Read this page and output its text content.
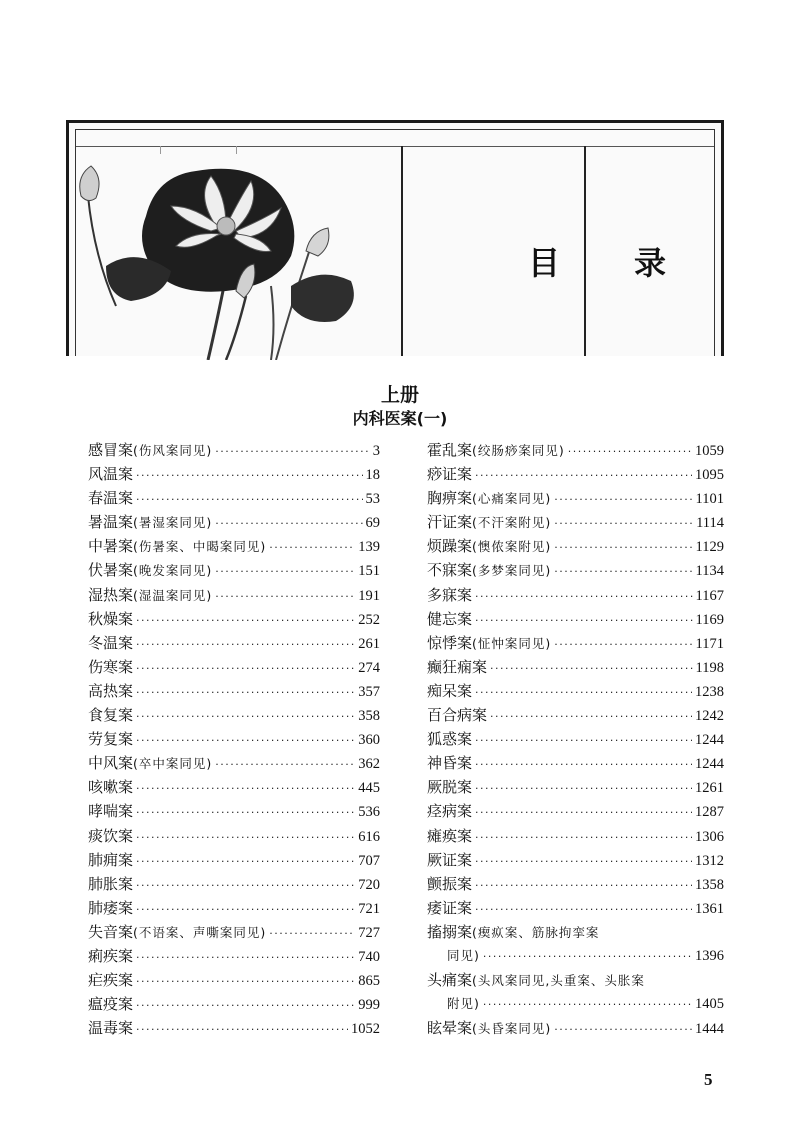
目 录
上册
内科医案(一)
感冒案 (伤风案同见) ·····	3
风温案 ·····	18
春温案 ·····	53
暑温案 (暑湿案同见) ·····	69
中暑案 (伤暑案、中暍案同见) ·····	139
伏暑案 (晚发案同见) ·····	151
湿热案 (湿温案同见) ·····	191
秋燥案 ·····	252
冬温案 ·····	261
伤寒案 ·····	274
高热案 ·····	357
食复案 ·····	358
劳复案 ·····	360
中风案 (卒中案同见) ·····	362
咳嗽案 ·····	445
哮喘案 ·····	536
痰饮案 ·····	616
肺痈案 ·····	707
肺胀案 ·····	720
肺痿案 ·····	721
失音案 (不语案、声嘶案同见) ·····	727
痢疾案 ·····	740
疟疾案 ·····	865
瘟疫案 ·····	999
温毒案 ·····	1052
霍乱案 (绞肠痧案同见) ·····	1059
痧证案 ·····	1095
胸痹案 (心痛案同见) ·····	1101
汗证案 (不汗案附见) ·····	1114
烦躁案 (懊侬案附见) ·····	1129
不寐案 (多梦案同见) ·····	1134
多寐案 ·····	1167
健忘案 ·····	1169
惊悸案 (怔忡案同见) ·····	1171
癫狂痫案 ·····	1198
痴呆案 ·····	1238
百合病案 ·····	1242
狐惑案 ·····	1244
神昏案 ·····	1244
厥脱案 ·····	1261
痉病案 ·····	1287
瘫痪案 ·····	1306
厥证案 ·····	1312
颤振案 ·····	1358
痿证案 ·····	1361
搐搦案 (瘈疭案、筋脉拘挛案
同见) ·····	1396
头痛案 (头风案同见,头重案、头胀案
附见) ·····	1405
眩晕案 (头昏案同见) ·····	1444
5
